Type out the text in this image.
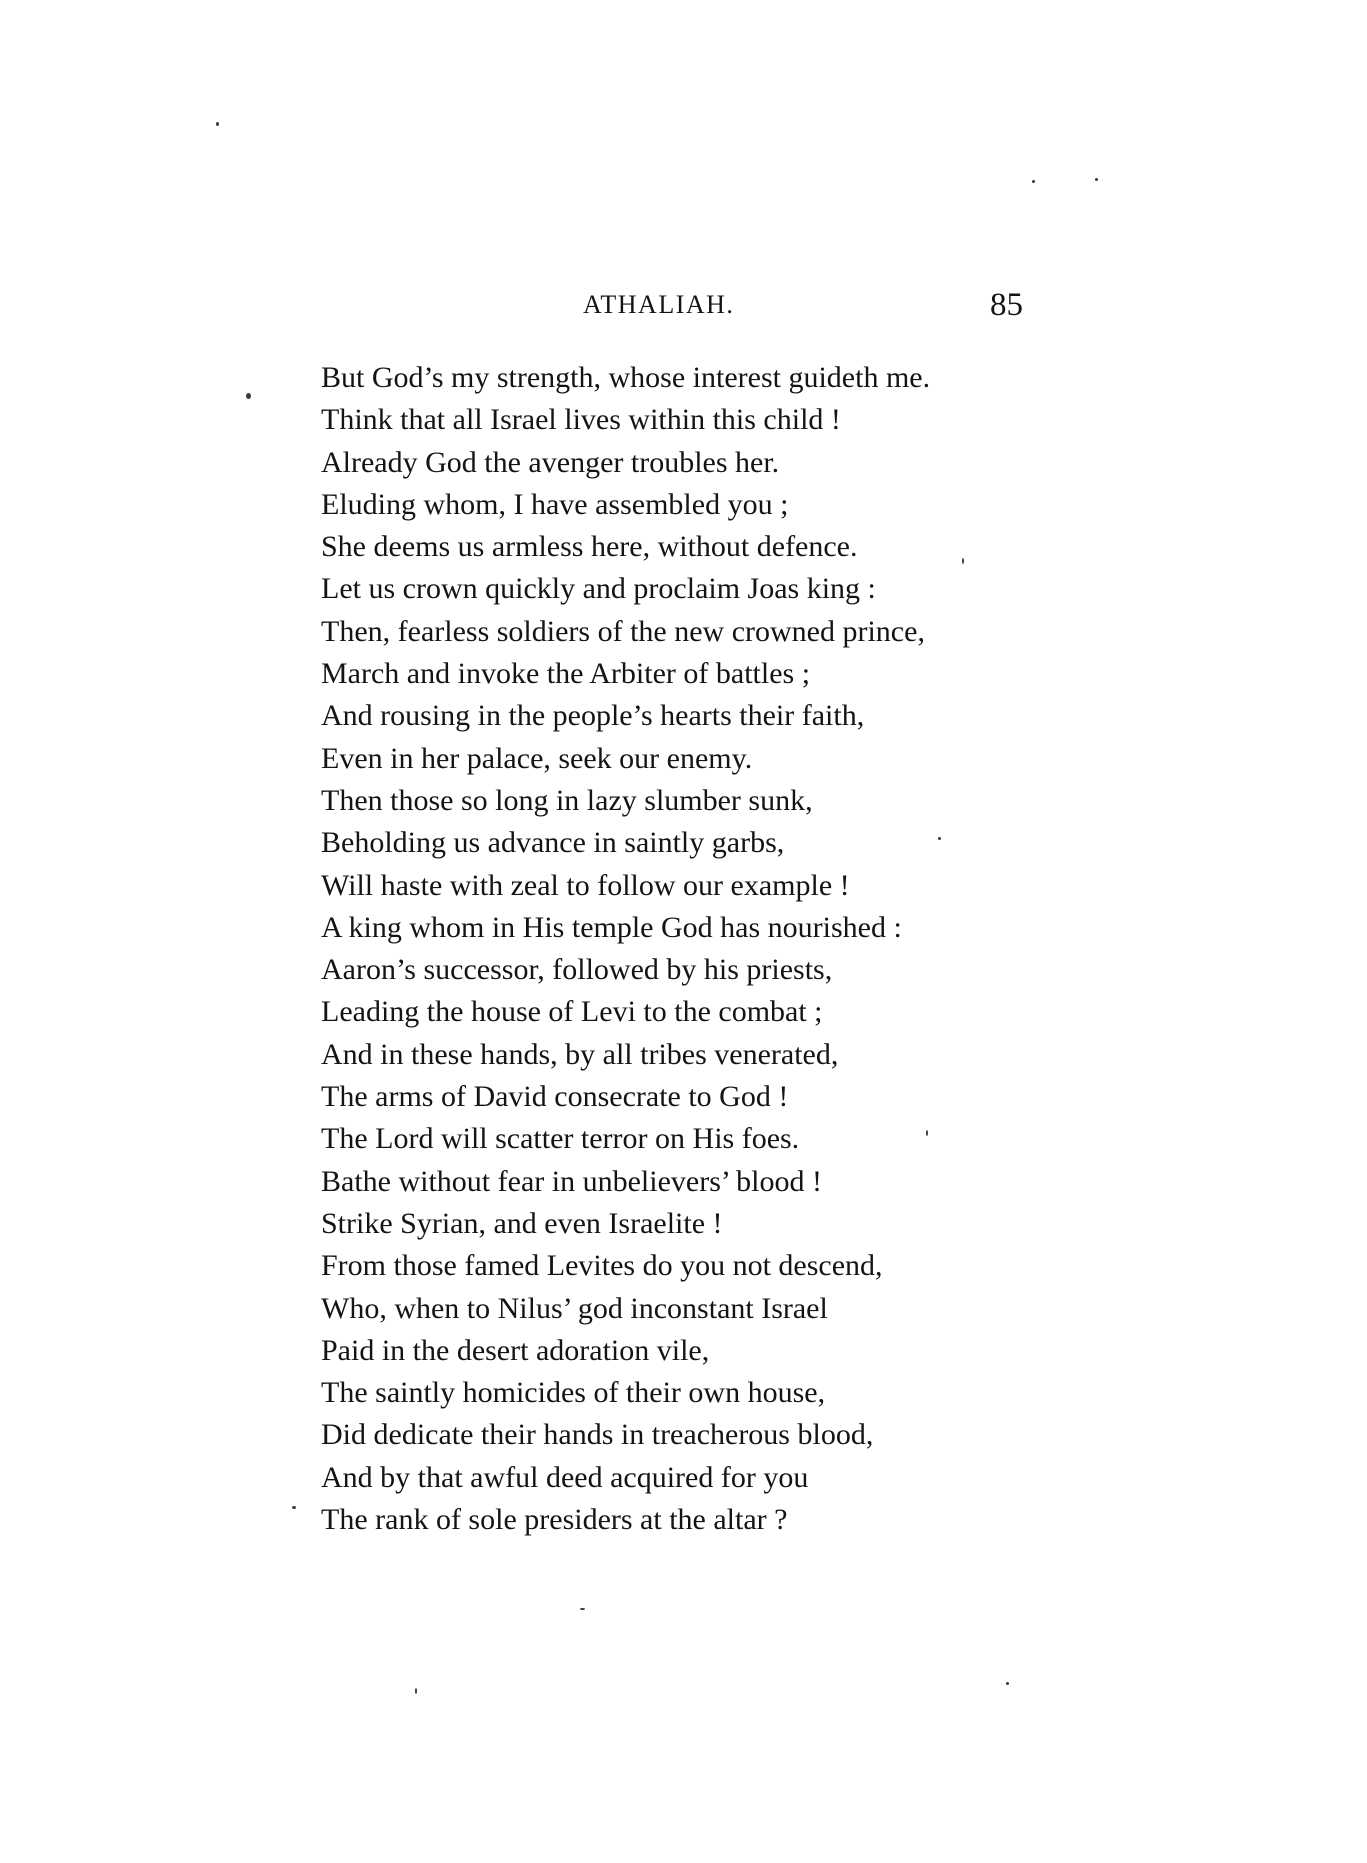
ATHALIAH.	85
But God’s my strength, whose interest guideth me.
Think that all Israel lives within this child !
Already God the avenger troubles her.
Eluding whom, I have assembled you ;
She deems us armless here, without defence.
Let us crown quickly and proclaim Joas king :
Then, fearless soldiers of the new crowned prince,
March and invoke the Arbiter of battles ;
And rousing in the people’s hearts their faith,
Even in her palace, seek our enemy.
Then those so long in lazy slumber sunk,
Beholding us advance in saintly garbs,
Will haste with zeal to follow our example !
A king whom in His temple God has nourished :
Aaron’s successor, followed by his priests,
Leading the house of Levi to the combat ;
And in these hands, by all tribes venerated,
The arms of David consecrate to God !
The Lord will scatter terror on His foes.
Bathe without fear in unbelievers’ blood !
Strike Syrian, and even Israelite !
From those famed Levites do you not descend,
Who, when to Nilus’ god inconstant Israel
Paid in the desert adoration vile,
The saintly homicides of their own house,
Did dedicate their hands in treacherous blood,
And by that awful deed acquired for you
The rank of sole presiders at the altar ?
